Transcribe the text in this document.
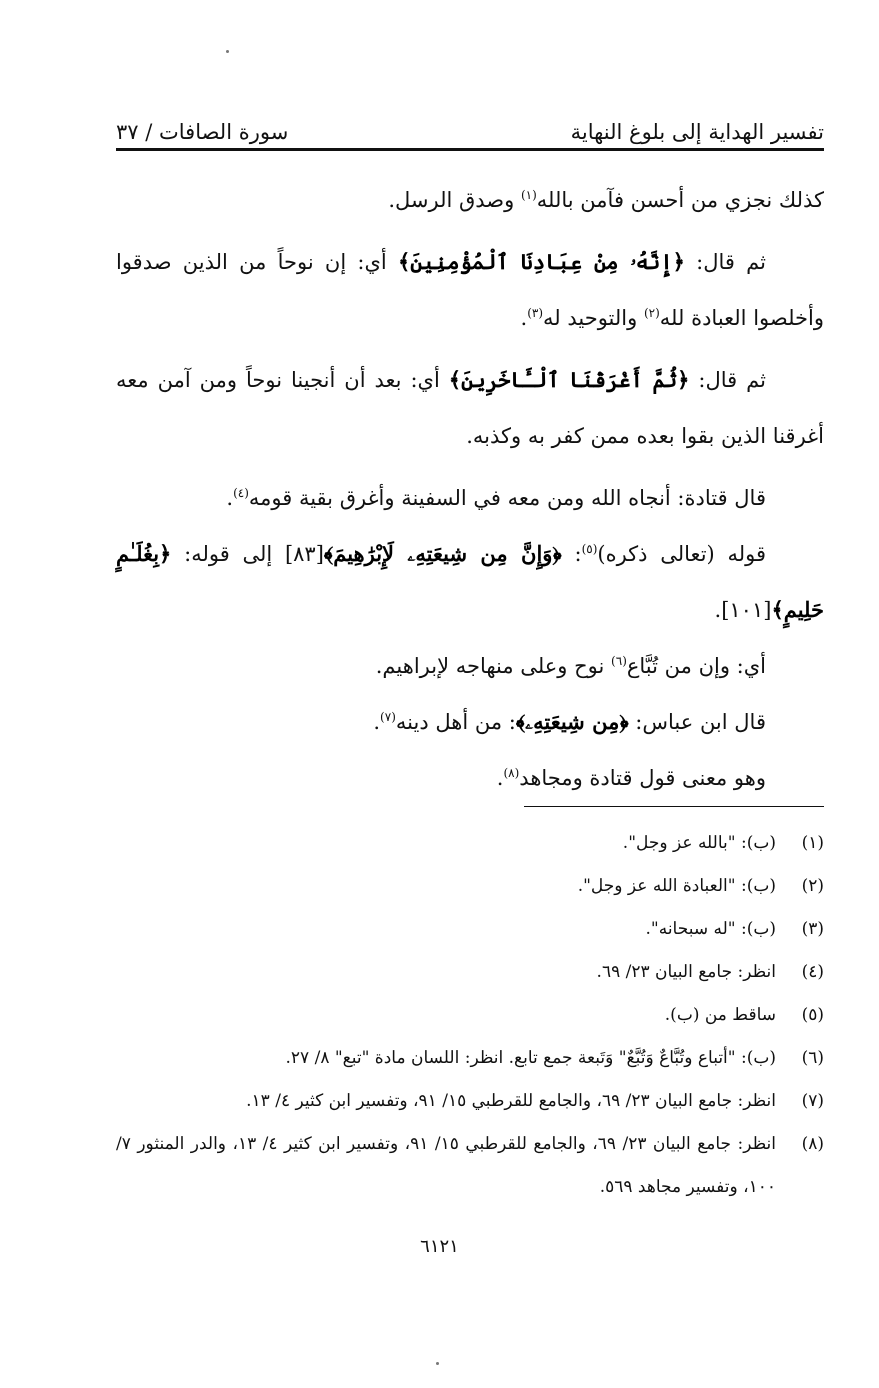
تفسير الهداية إلى بلوغ النهاية
سورة الصافات / ٣٧

كذلك نجزي من أحسن فآمن بالله$^{(١)}$ وصدق الرسل.

ثم قال: ﴿إِنَّهُۥ مِنْ عِبَادِنَا ٱلْمُؤْمِنِينَ﴾ أي: إن نوحاً من الذين صدقوا وأخلصوا العبادة لله$^{(٢)}$ والتوحيد له$^{(٣)}$.

ثم قال: ﴿ثُمَّ أَغْرَقْنَا ٱلْـَٔاخَرِينَ﴾ أي: بعد أن أنجينا نوحاً ومن آمن معه أغرقنا الذين بقوا بعده ممن كفر به وكذبه.

قال قتادة: أنجاه الله ومن معه في السفينة وأغرق بقية قومه$^{(٤)}$.

قوله (تعالى ذكره)$^{(٥)}$: ﴿وَإِنَّ مِن شِيعَتِهِۦ لَإِبْرَٰهِيمَ﴾[٨٣] إلى قوله: ﴿بِغُلَـٰمٍ حَلِيمٍ﴾[١٠١].

أي: وإن من تُبَّاع$^{(٦)}$ نوح وعلى منهاجه لإبراهيم.

قال ابن عباس: ﴿مِن شِيعَتِهِۦ﴾: من أهل دينه$^{(٧)}$.

وهو معنى قول قتادة ومجاهد$^{(٨)}$.

(١)
(ب): "بالله عز وجل".
(٢)
(ب): "العبادة الله عز وجل".
(٣)
(ب): "له سبحانه".
(٤)
انظر: جامع البيان ٢٣/ ٦٩.
(٥)
ساقط من (ب).
(٦)
(ب): "أتباع وتُبَّاعٌ وَتُبَّعٌ" وَتَبعة جمع تابع. انظر: اللسان مادة "تبع" ٨/ ٢٧.
(٧)
انظر: جامع البيان ٢٣/ ٦٩، والجامع للقرطبي ١٥/ ٩١، وتفسير ابن كثير ٤/ ١٣.
(٨)
انظر: جامع البيان ٢٣/ ٦٩، والجامع للقرطبي ١٥/ ٩١، وتفسير ابن كثير ٤/ ١٣، والدر المنثور ٧/ ١٠٠، وتفسير مجاهد ٥٦٩.
٦١٢١
